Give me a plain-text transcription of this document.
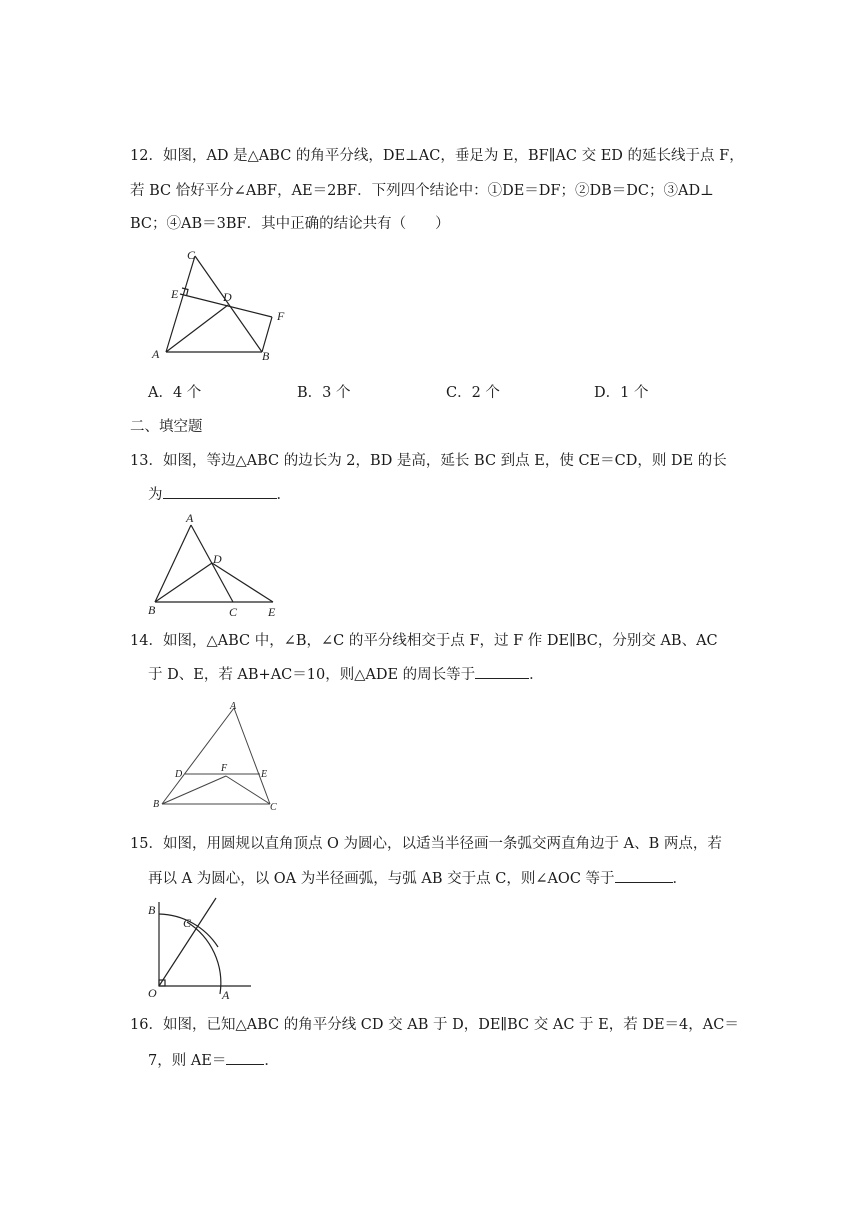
12．如图，AD 是△ABC 的角平分线，DE⊥AC，垂足为 E，BF∥AC 交 ED 的延长线于点 F，
若 BC 恰好平分∠ABF，AE＝2BF．下列四个结论中：①DE＝DF；②DB＝DC；③AD⊥
BC；④AB＝3BF．其中正确的结论共有（　　）
C
E	D
F
A	B
A．4 个	B．3 个	C．2 个	D．1 个
二、填空题
13．如图，等边△ABC 的边长为 2，BD 是高，延长 BC 到点 E，使 CE＝CD，则 DE 的长
为	．
A
D
B	C	E
14．如图，△ABC 中，∠B，∠C 的平分线相交于点 F，过 F 作 DE∥BC，分别交 AB、AC
于 D、E，若 AB+AC＝10，则△ADE 的周长等于	．
A
D
F
E
B	C
15．如图，用圆规以直角顶点 O 为圆心，以适当半径画一条弧交两直角边于 A、B 两点，若
再以 A 为圆心，以 OA 为半径画弧，与弧 AB 交于点 C，则∠AOC 等于	．
B
C
O	A
16．如图，已知△ABC 的角平分线 CD 交 AB 于 D，DE∥BC 交 AC 于 E，若 DE＝4，AC＝
7，则 AE＝	．
